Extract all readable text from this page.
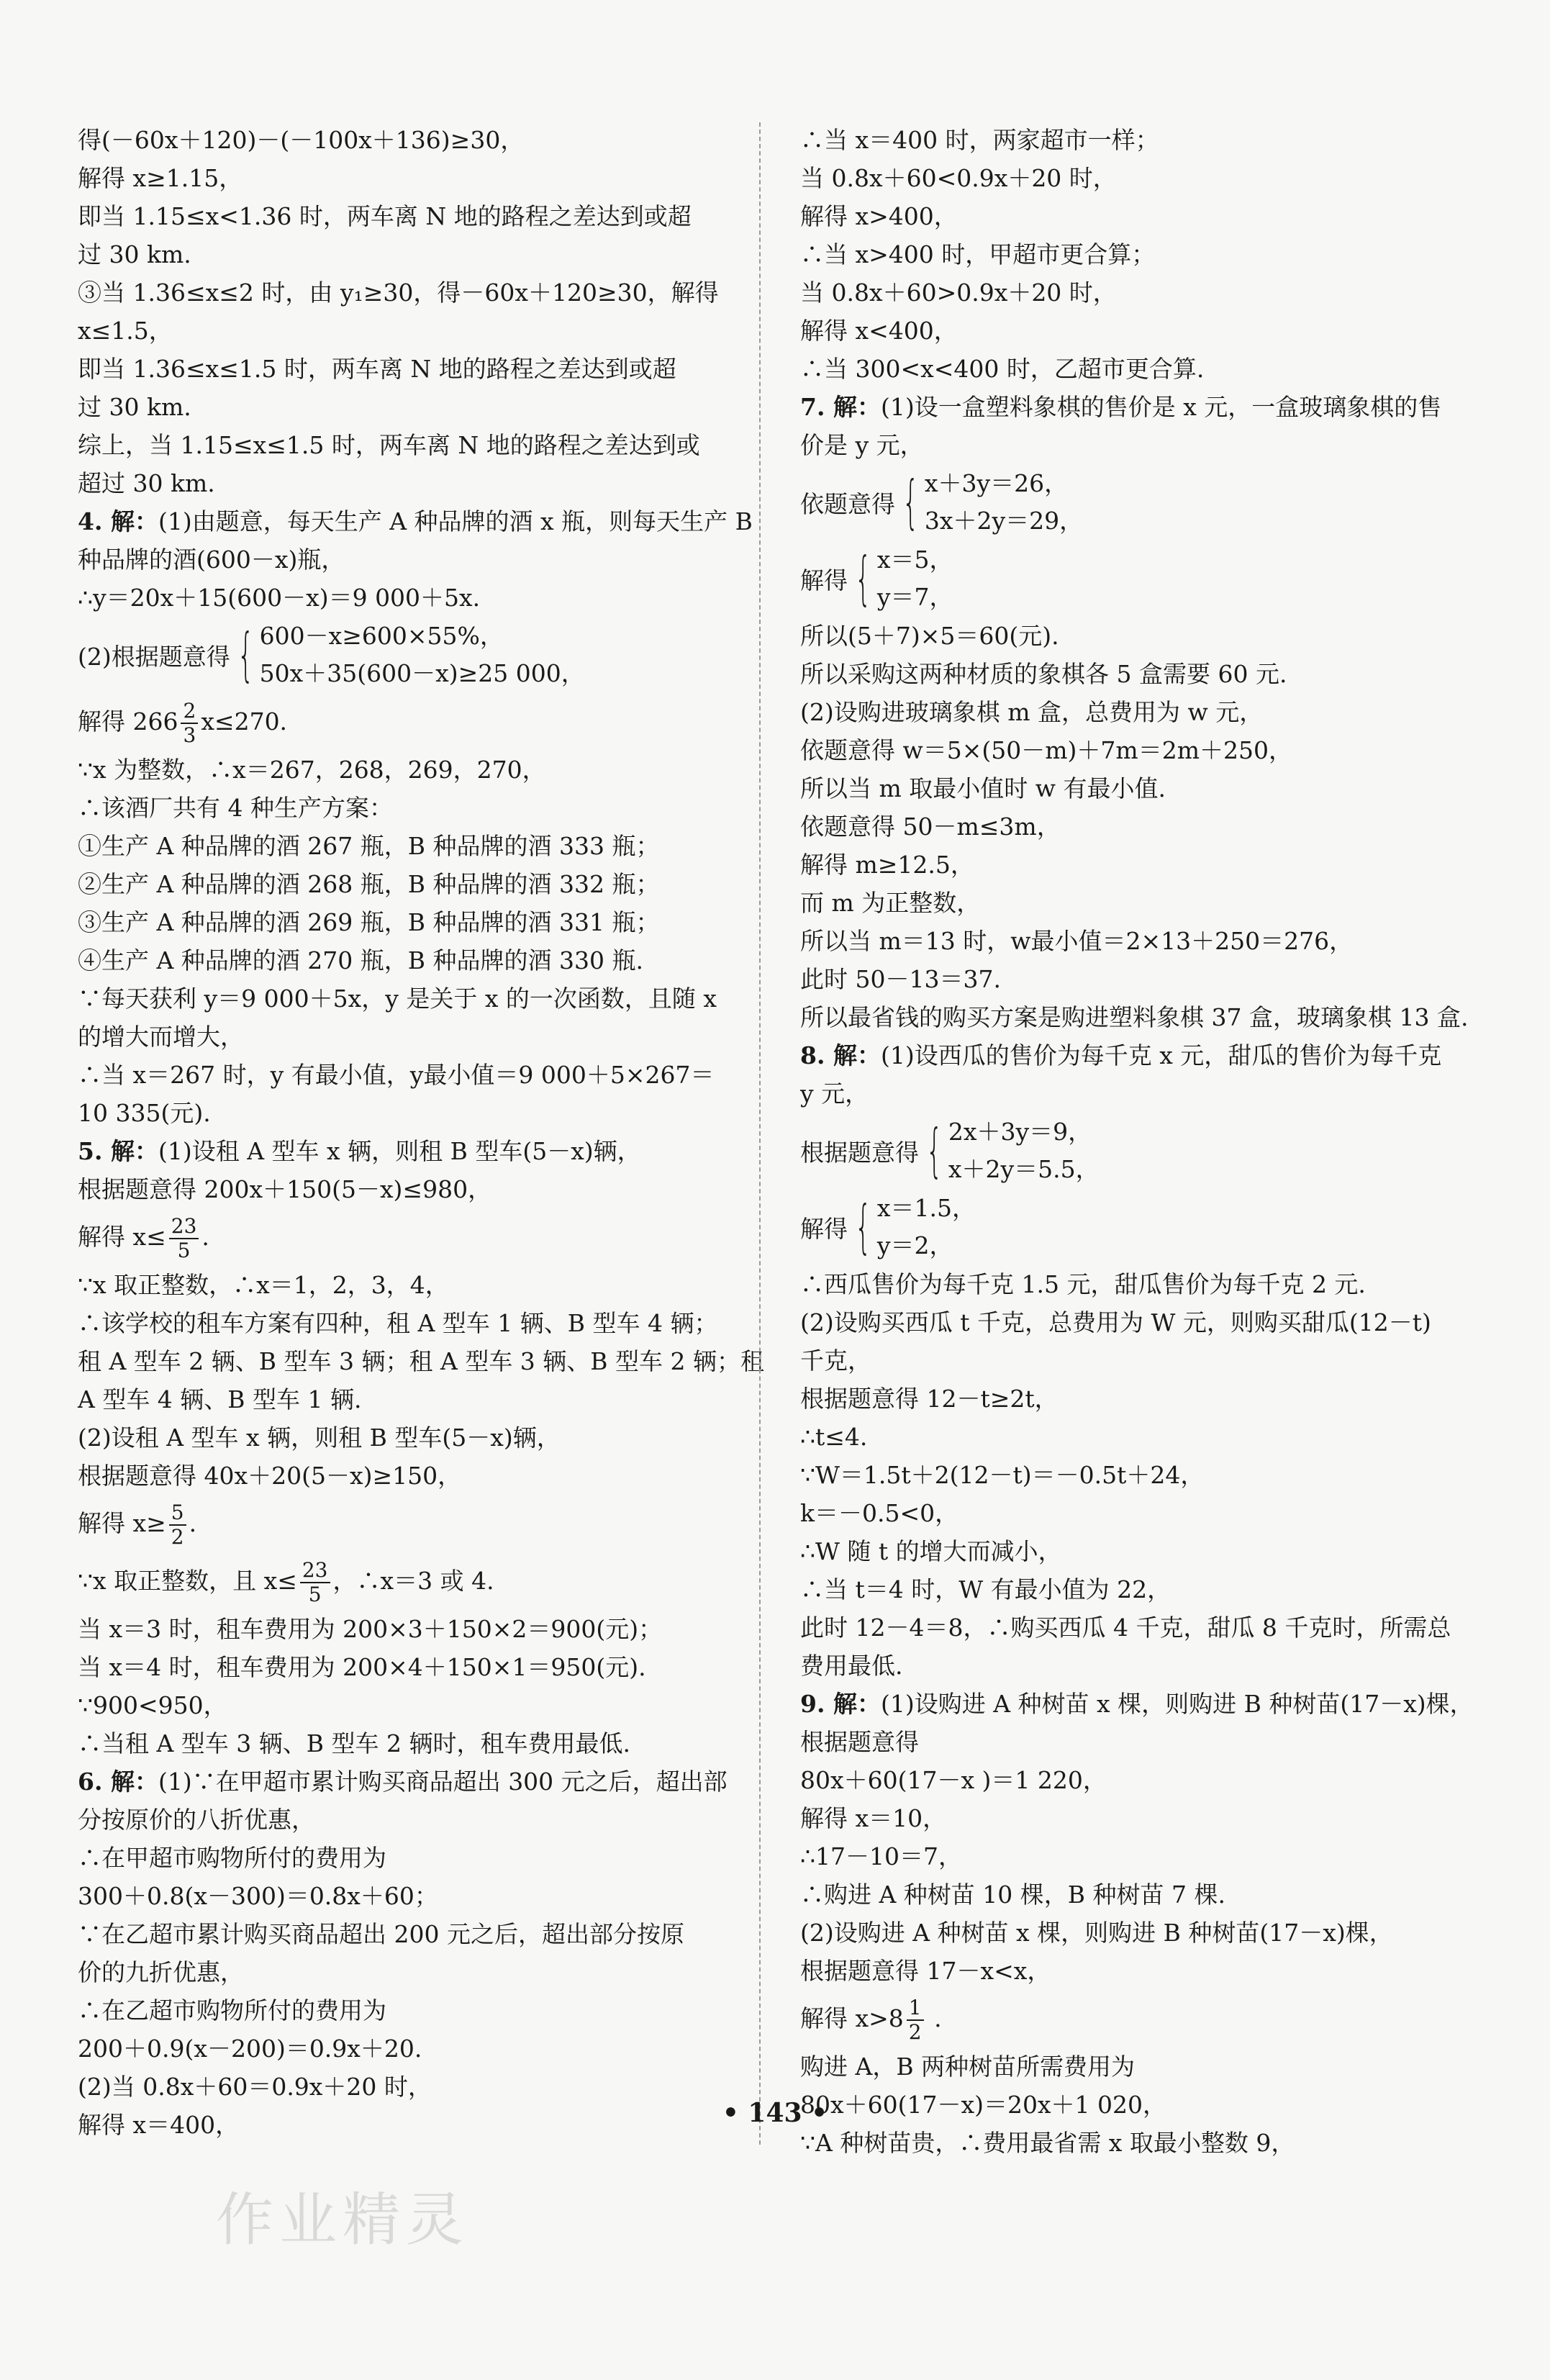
得(－60x＋120)－(－100x＋136)≥30，
解得 x≥1.15，
即当 1.15≤x<1.36 时，两车离 N 地的路程之差达到或超
过 30 km.
③当 1.36≤x≤2 时，由 y₁≥30，得－60x＋120≥30，解得
x≤1.5，
即当 1.36≤x≤1.5 时，两车离 N 地的路程之差达到或超
过 30 km.
综上，当 1.15≤x≤1.5 时，两车离 N 地的路程之差达到或
超过 30 km.
4. 解：(1)由题意，每天生产 A 种品牌的酒 x 瓶，则每天生产 B
种品牌的酒(600－x)瓶，
∴y＝20x＋15(600－x)＝9 000＋5x.
(2)根据题意得 { 600－x≥600×55%，
50x＋35(600－x)≥25 000，
解得 $266 \frac{2}{3} x\le 270$.
∵x 为整数，∴x＝267，268，269，270，
∴该酒厂共有 4 种生产方案：
①生产 A 种品牌的酒 267 瓶，B 种品牌的酒 333 瓶；
②生产 A 种品牌的酒 268 瓶，B 种品牌的酒 332 瓶；
③生产 A 种品牌的酒 269 瓶，B 种品牌的酒 331 瓶；
④生产 A 种品牌的酒 270 瓶，B 种品牌的酒 330 瓶.
∵每天获利 y＝9 000＋5x，y 是关于 x 的一次函数，且随 x
的增大而增大，
∴当 x＝267 时，y 有最小值，y最小值＝9 000＋5×267＝
10 335(元).
5. 解：(1)设租 A 型车 x 辆，则租 B 型车(5－x)辆，
根据题意得 200x＋150(5－x)≤980，
解得 $x\le \frac{23}{5}$ .
∵x 取正整数，∴x＝1，2，3，4，
∴该学校的租车方案有四种，租 A 型车 1 辆、B 型车 4 辆；
租 A 型车 2 辆、B 型车 3 辆；租 A 型车 3 辆、B 型车 2 辆；租
A 型车 4 辆、B 型车 1 辆.
(2)设租 A 型车 x 辆，则租 B 型车(5－x)辆，
根据题意得 40x＋20(5－x)≥150，
解得 $x\ge \frac{5}{2}$ .
∵x 取正整数，且 $x\le \frac{23}{5}$ ，∴x＝3 或 4.
当 x＝3 时，租车费用为 200×3＋150×2＝900(元)；
当 x＝4 时，租车费用为 200×4＋150×1＝950(元).
∵900<950，
∴当租 A 型车 3 辆、B 型车 2 辆时，租车费用最低.
6. 解：(1)∵在甲超市累计购买商品超出 300 元之后，超出部
分按原价的八折优惠，
∴在甲超市购物所付的费用为
300＋0.8(x－300)＝0.8x＋60；
∵在乙超市累计购买商品超出 200 元之后，超出部分按原
价的九折优惠，
∴在乙超市购物所付的费用为
200＋0.9(x－200)＝0.9x＋20.
(2)当 0.8x＋60＝0.9x＋20 时，
解得 x＝400，
∴当 x＝400 时，两家超市一样；
当 0.8x＋60<0.9x＋20 时，
解得 x>400，
∴当 x>400 时，甲超市更合算；
当 0.8x＋60>0.9x＋20 时，
解得 x<400，
∴当 300<x<400 时，乙超市更合算.
7. 解：(1)设一盒塑料象棋的售价是 x 元，一盒玻璃象棋的售
价是 y 元，
依题意得 { x＋3y＝26，
3x＋2y＝29，
解得 { x＝5，
y＝7，
所以(5＋7)×5＝60(元).
所以采购这两种材质的象棋各 5 盒需要 60 元.
(2)设购进玻璃象棋 m 盒，总费用为 w 元，
依题意得 w＝5×(50－m)＋7m＝2m＋250，
所以当 m 取最小值时 w 有最小值.
依题意得 50－m≤3m，
解得 m≥12.5，
而 m 为正整数，
所以当 m＝13 时，w最小值＝2×13＋250＝276，
此时 50－13＝37.
所以最省钱的购买方案是购进塑料象棋 37 盒，玻璃象棋 13 盒.
8. 解：(1)设西瓜的售价为每千克 x 元，甜瓜的售价为每千克
y 元，
根据题意得 { 2x＋3y＝9，
x＋2y＝5.5，
解得 { x＝1.5，
y＝2，
∴西瓜售价为每千克 1.5 元，甜瓜售价为每千克 2 元.
(2)设购买西瓜 t 千克，总费用为 W 元，则购买甜瓜(12－t)
千克，
根据题意得 12－t≥2t，
∴t≤4.
∵W＝1.5t＋2(12－t)＝－0.5t＋24，
k＝－0.5<0，
∴W 随 t 的增大而减小，
∴当 t＝4 时，W 有最小值为 22，
此时 12－4＝8，∴购买西瓜 4 千克，甜瓜 8 千克时，所需总
费用最低.
9. 解：(1)设购进 A 种树苗 x 棵，则购进 B 种树苗(17－x)棵，
根据题意得
80x＋60(17－x )＝1 220，
解得 x＝10，
∴17－10＝7，
∴购进 A 种树苗 10 棵，B 种树苗 7 棵.
(2)设购进 A 种树苗 x 棵，则购进 B 种树苗(17－x)棵，
根据题意得 17－x<x，
解得 $x>8 \frac{1}{2}$ .
购进 A，B 两种树苗所需费用为
80x＋60(17－x)＝20x＋1 020，
∵A 种树苗贵，∴费用最省需 x 取最小整数 9，
• 143 •
作业精灵
